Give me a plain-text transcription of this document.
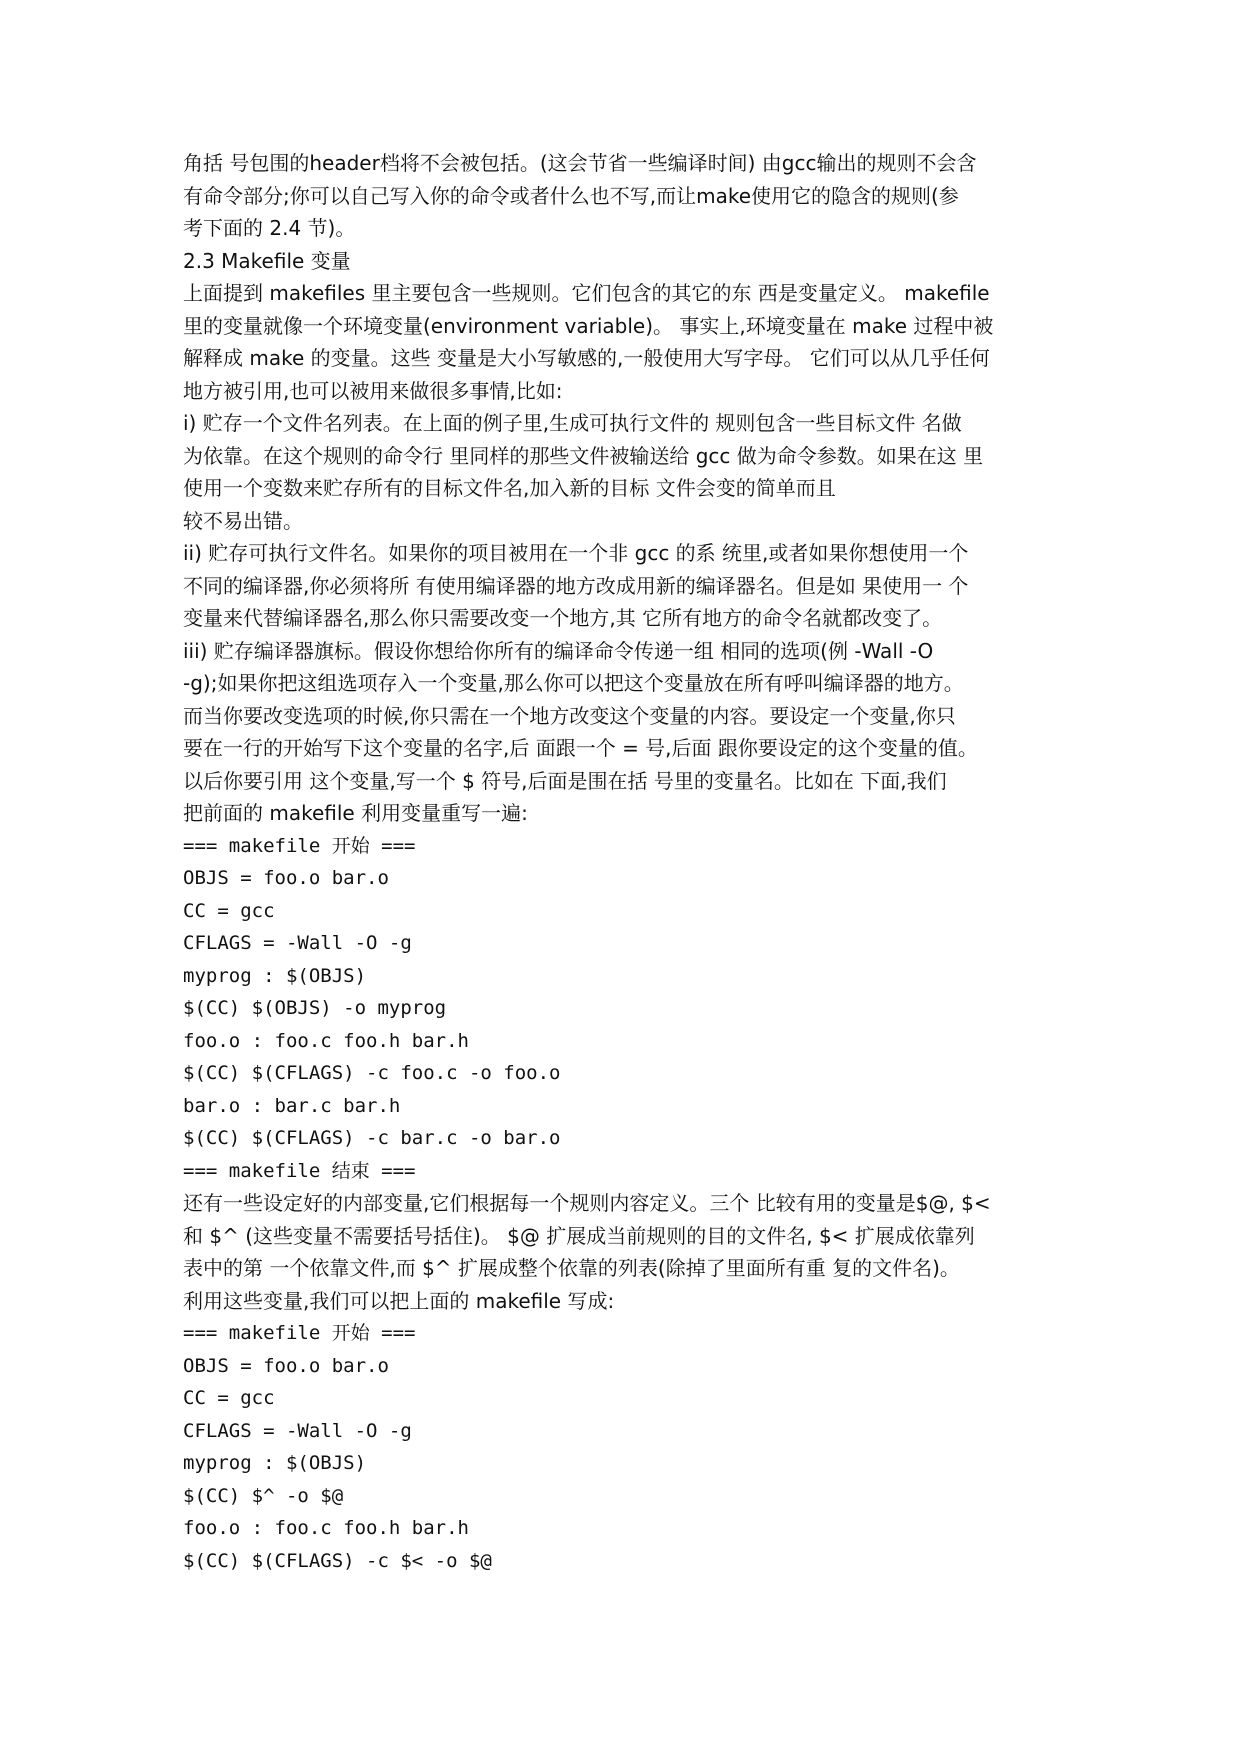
角括 号包围的header档将不会被包括。(这会节省一些编译时间) 由gcc输出的规则不会含
有命令部分;你可以自己写入你的命令或者什么也不写,而让make使用它的隐含的规则(参
考下面的 2.4 节)。
2.3 Makefile 变量
上面提到 makefiles 里主要包含一些规则。它们包含的其它的东 西是变量定义。 makefile
里的变量就像一个环境变量(environment variable)。 事实上,环境变量在 make 过程中被
解释成 make 的变量。这些 变量是大小写敏感的,一般使用大写字母。 它们可以从几乎任何
地方被引用,也可以被用来做很多事情,比如:
i) 贮存一个文件名列表。在上面的例子里,生成可执行文件的 规则包含一些目标文件 名做
为依靠。在这个规则的命令行 里同样的那些文件被输送给 gcc 做为命令参数。如果在这 里
使用一个变数来贮存所有的目标文件名,加入新的目标 文件会变的简单而且
较不易出错。
ii) 贮存可执行文件名。如果你的项目被用在一个非 gcc 的系 统里,或者如果你想使用一个
不同的编译器,你必须将所 有使用编译器的地方改成用新的编译器名。但是如 果使用一 个
变量来代替编译器名,那么你只需要改变一个地方,其 它所有地方的命令名就都改变了。
iii) 贮存编译器旗标。假设你想给你所有的编译命令传递一组 相同的选项(例 -Wall -O
-g);如果你把这组选项存入一个变量,那么你可以把这个变量放在所有呼叫编译器的地方。
而当你要改变选项的时候,你只需在一个地方改变这个变量的内容。要设定一个变量,你只
要在一行的开始写下这个变量的名字,后 面跟一个 = 号,后面 跟你要设定的这个变量的值。
以后你要引用 这个变量,写一个 $ 符号,后面是围在括 号里的变量名。比如在 下面,我们
把前面的 makefile 利用变量重写一遍:
=== makefile 开始 ===
OBJS = foo.o bar.o
CC = gcc
CFLAGS = -Wall -O -g
myprog : $(OBJS)
$(CC) $(OBJS) -o myprog
foo.o : foo.c foo.h bar.h
$(CC) $(CFLAGS) -c foo.c -o foo.o
bar.o : bar.c bar.h
$(CC) $(CFLAGS) -c bar.c -o bar.o
=== makefile 结束 ===
还有一些设定好的内部变量,它们根据每一个规则内容定义。三个 比较有用的变量是$@, $<
和 $^ (这些变量不需要括号括住)。 $@ 扩展成当前规则的目的文件名, $< 扩展成依靠列
表中的第 一个依靠文件,而 $^ 扩展成整个依靠的列表(除掉了里面所有重 复的文件名)。
利用这些变量,我们可以把上面的 makefile 写成:
=== makefile 开始 ===
OBJS = foo.o bar.o
CC = gcc
CFLAGS = -Wall -O -g
myprog : $(OBJS)
$(CC) $^ -o $@
foo.o : foo.c foo.h bar.h
$(CC) $(CFLAGS) -c $< -o $@
